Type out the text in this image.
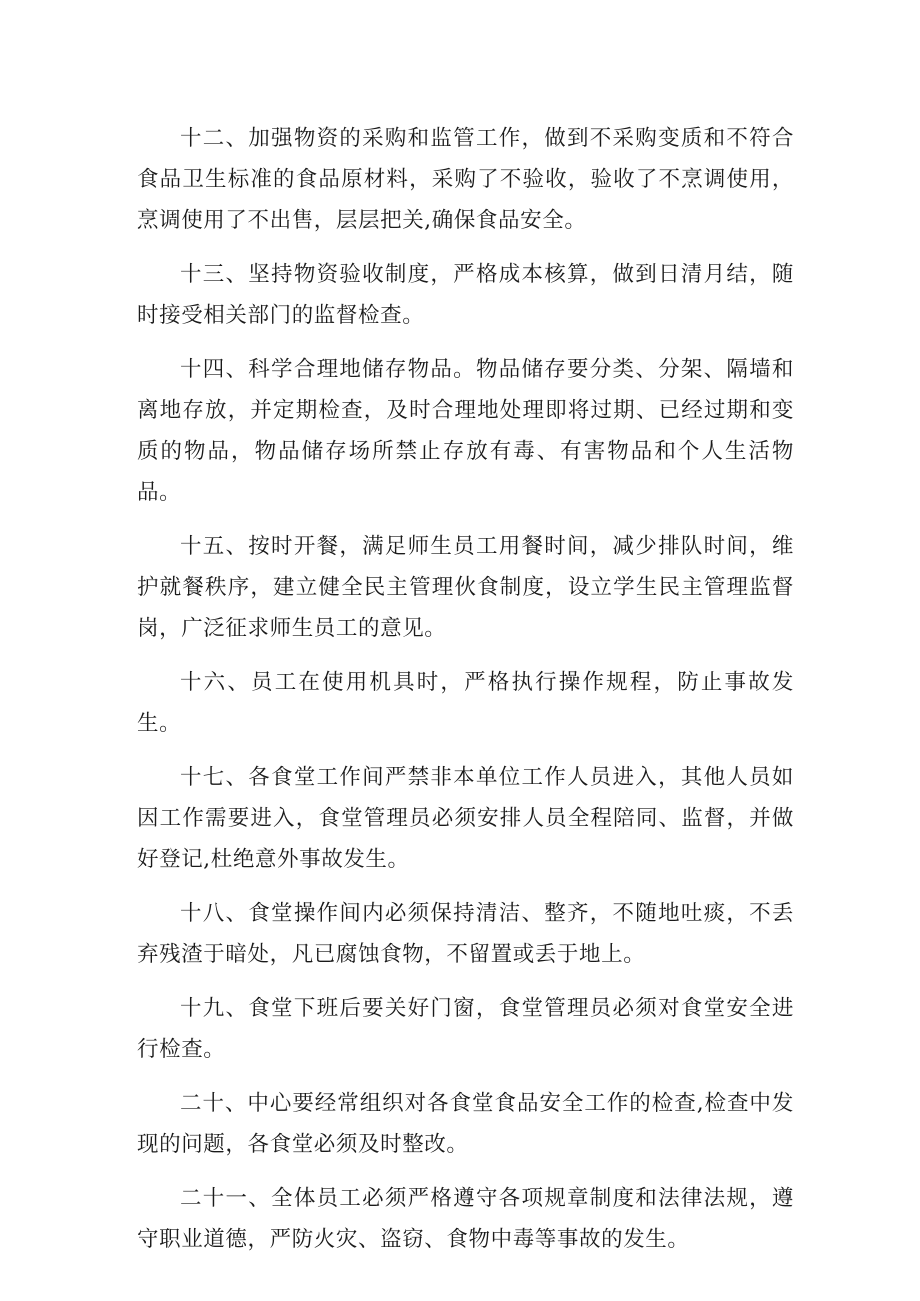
十二、加强物资的采购和监管工作，做到不采购变质和不符合食品卫生标准的食品原材料，采购了不验收，验收了不烹调使用，烹调使用了不出售，层层把关,确保食品安全。

十三、坚持物资验收制度，严格成本核算，做到日清月结，随时接受相关部门的监督检查。

十四、科学合理地储存物品。物品储存要分类、分架、隔墙和离地存放，并定期检查，及时合理地处理即将过期、已经过期和变质的物品，物品储存场所禁止存放有毒、有害物品和个人生活物品。

十五、按时开餐，满足师生员工用餐时间，减少排队时间，维护就餐秩序，建立健全民主管理伙食制度，设立学生民主管理监督岗，广泛征求师生员工的意见。

十六、员工在使用机具时，严格执行操作规程，防止事故发生。

十七、各食堂工作间严禁非本单位工作人员进入，其他人员如因工作需要进入，食堂管理员必须安排人员全程陪同、监督，并做好登记,杜绝意外事故发生。

十八、食堂操作间内必须保持清洁、整齐，不随地吐痰，不丢弃残渣于暗处，凡已腐蚀食物，不留置或丢于地上。

十九、食堂下班后要关好门窗，食堂管理员必须对食堂安全进行检查。

二十、中心要经常组织对各食堂食品安全工作的检查,检查中发现的问题，各食堂必须及时整改。

二十一、全体员工必须严格遵守各项规章制度和法律法规，遵守职业道德，严防火灾、盗窃、食物中毒等事故的发生。
